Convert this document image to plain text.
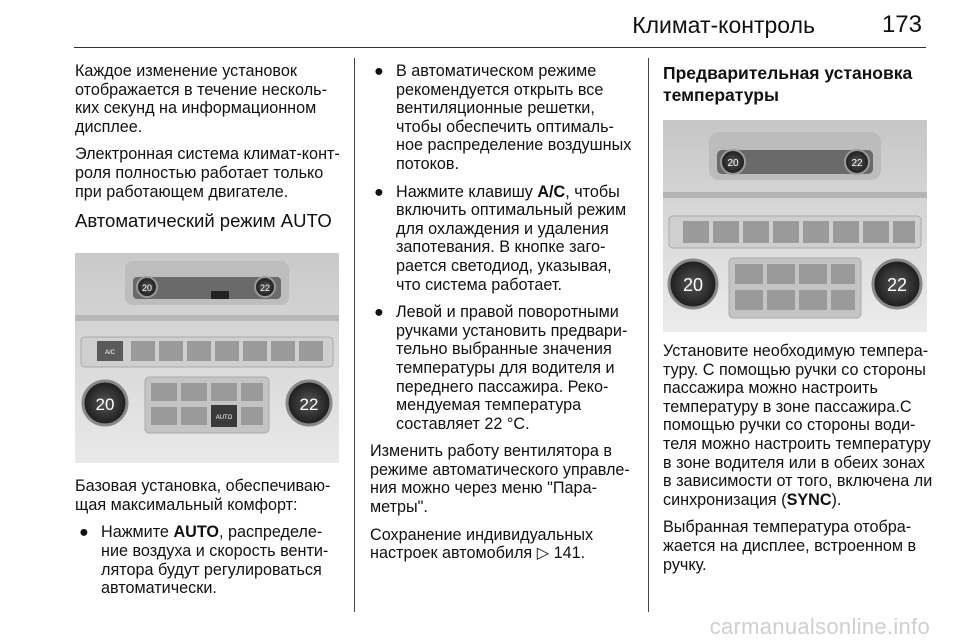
Климат-контроль	173

Каждое изменение установок
отображается в течение несколь-
ких секунд на информационном
дисплее.

Электронная система климат-конт-
роля полностью работает только
при работающем двигателе.

Автоматический режим AUTO
20	22
A/C
AUTO
20	22

Базовая установка, обеспечиваю-
щая максимальный комфорт:

● Нажмите AUTO, распределе-
ние воздуха и скорость венти-
лятора будут регулироваться
автоматически.
● В автоматическом режиме
рекомендуется открыть все
вентиляционные решетки,
чтобы обеспечить оптималь-
ное распределение воздушных
потоков.
● Нажмите клавишу A/C, чтобы
включить оптимальный режим
для охлаждения и удаления
запотевания. В кнопке заго-
рается светодиод, указывая,
что система работает.
● Левой и правой поворотными
ручками установить предвари-
тельно выбранные значения
температуры для водителя и
переднего пассажира. Реко-
мендуемая температура
составляет 22 °C.

Изменить работу вентилятора в
режиме автоматического управле-
ния можно через меню "Пара-
метры".

Сохранение индивидуальных
настроек автомобиля ▷ 141.

Предварительная установка
температуры
20	22
20	22

Установите необходимую темпера-
туру. С помощью ручки со стороны
пассажира можно настроить
температуру в зоне пассажира.С
помощью ручки со стороны води-
теля можно настроить температуру
в зоне водителя или в обеих зонах
в зависимости от того, включена ли
синхронизация (SYNC).

Выбранная температура отобра-
жается на дисплее, встроенном в
ручку.

carmanualsonline.info
